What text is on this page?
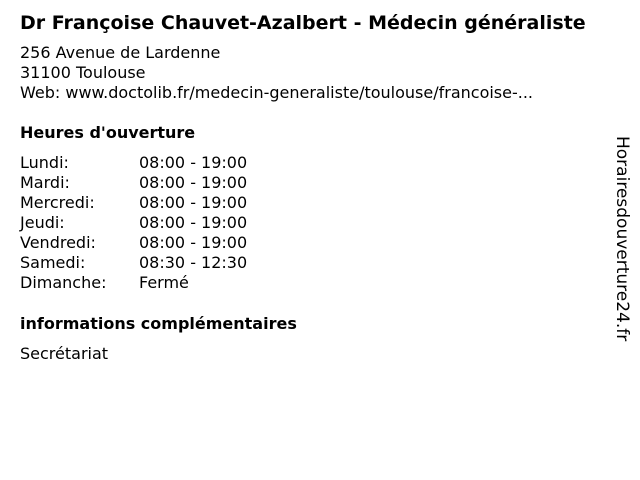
Dr Françoise Chauvet-Azalbert - Médecin généraliste
256 Avenue de Lardenne
31100 Toulouse
Web: www.doctolib.fr/medecin-generaliste/toulouse/francoise-...
Heures d'ouverture
Lundi:	08:00 - 19:00
Mardi:	08:00 - 19:00
Mercredi:	08:00 - 19:00
Jeudi:	08:00 - 19:00
Vendredi:	08:00 - 19:00
Samedi:	08:30 - 12:30
Dimanche: Fermé
informations complémentaires
Secrétariat
Horairesdouverture24.fr
